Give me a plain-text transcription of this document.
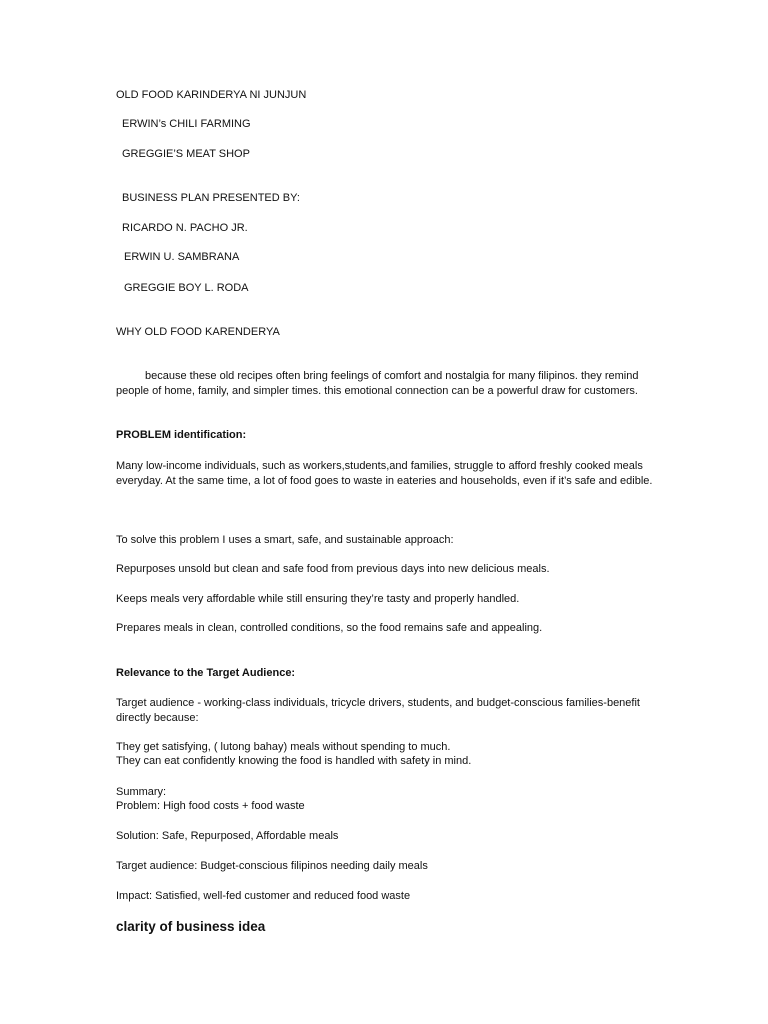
OLD FOOD KARINDERYA NI JUNJUN
ERWIN’s CHILI FARMING
GREGGIE’S MEAT SHOP
BUSINESS PLAN PRESENTED BY:
RICARDO N. PACHO JR.
ERWIN U. SAMBRANA
GREGGIE BOY L. RODA
WHY OLD FOOD KARENDERYA
because these old recipes often bring feelings of comfort and nostalgia for many filipinos. they remind people of home, family, and simpler times. this emotional connection can be a powerful draw for customers.
PROBLEM identification:
Many low-income individuals, such as workers,students,and families, struggle to afford freshly cooked meals everyday. At the same time, a lot of food goes to waste in eateries and households, even if it’s safe and edible.
To solve this problem I uses a smart, safe, and sustainable approach:
Repurposes unsold but clean and safe food from previous days into new delicious meals.
Keeps meals very affordable while still ensuring they’re tasty and properly handled.
Prepares meals in clean, controlled conditions, so the food remains safe and appealing.
Relevance to the Target Audience:
Target audience - working-class individuals, tricycle drivers, students, and budget-conscious families-benefit directly because:
They get satisfying, ( lutong bahay) meals without spending to much.
They can eat confidently knowing the food is handled with safety in mind.
Summary:
Problem: High food costs + food waste
Solution: Safe, Repurposed, Affordable meals
Target audience: Budget-conscious filipinos needing daily meals
Impact: Satisfied, well-fed customer and reduced food waste
clarity of business idea
